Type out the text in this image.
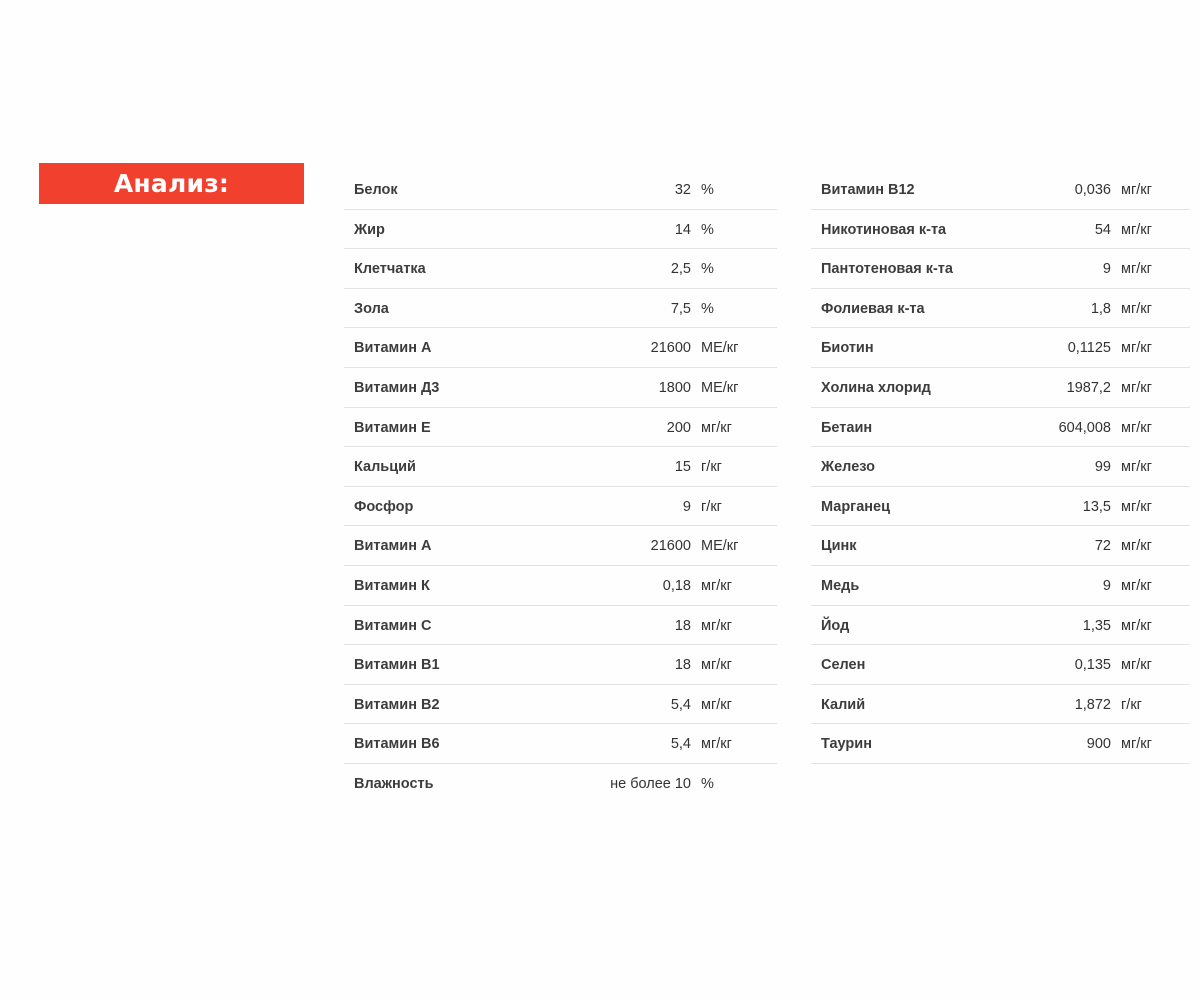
Анализ:	Белок	32 %
Жир	14 %
Клетчатка	2,5 %
Зола	7,5 %
Витамин А	21600 МЕ/кг
Витамин Д3	1800 МЕ/кг
Витамин Е	200 мг/кг
Кальций	15 г/кг
Фосфор	9 г/кг
Витамин А	21600 МЕ/кг
Витамин К	0,18 мг/кг
Витамин С	18 мг/кг
Витамин В1	18 мг/кг
Витамин В2	5,4 мг/кг
Витамин В6	5,4 мг/кг
Влажность	не более 10 %
Витамин В12	0,036 мг/кг
Никотиновая к-та	54 мг/кг
Пантотеновая к-та	9 мг/кг
Фолиевая к-та	1,8 мг/кг
Биотин	0,1125 мг/кг
Холина хлорид	1987,2 мг/кг
Бетаин	604,008 мг/кг
Железо	99 мг/кг
Марганец	13,5 мг/кг
Цинк	72 мг/кг
Медь	9 мг/кг
Йод	1,35 мг/кг
Селен	0,135 мг/кг
Калий	1,872 г/кг
Таурин	900 мг/кг
